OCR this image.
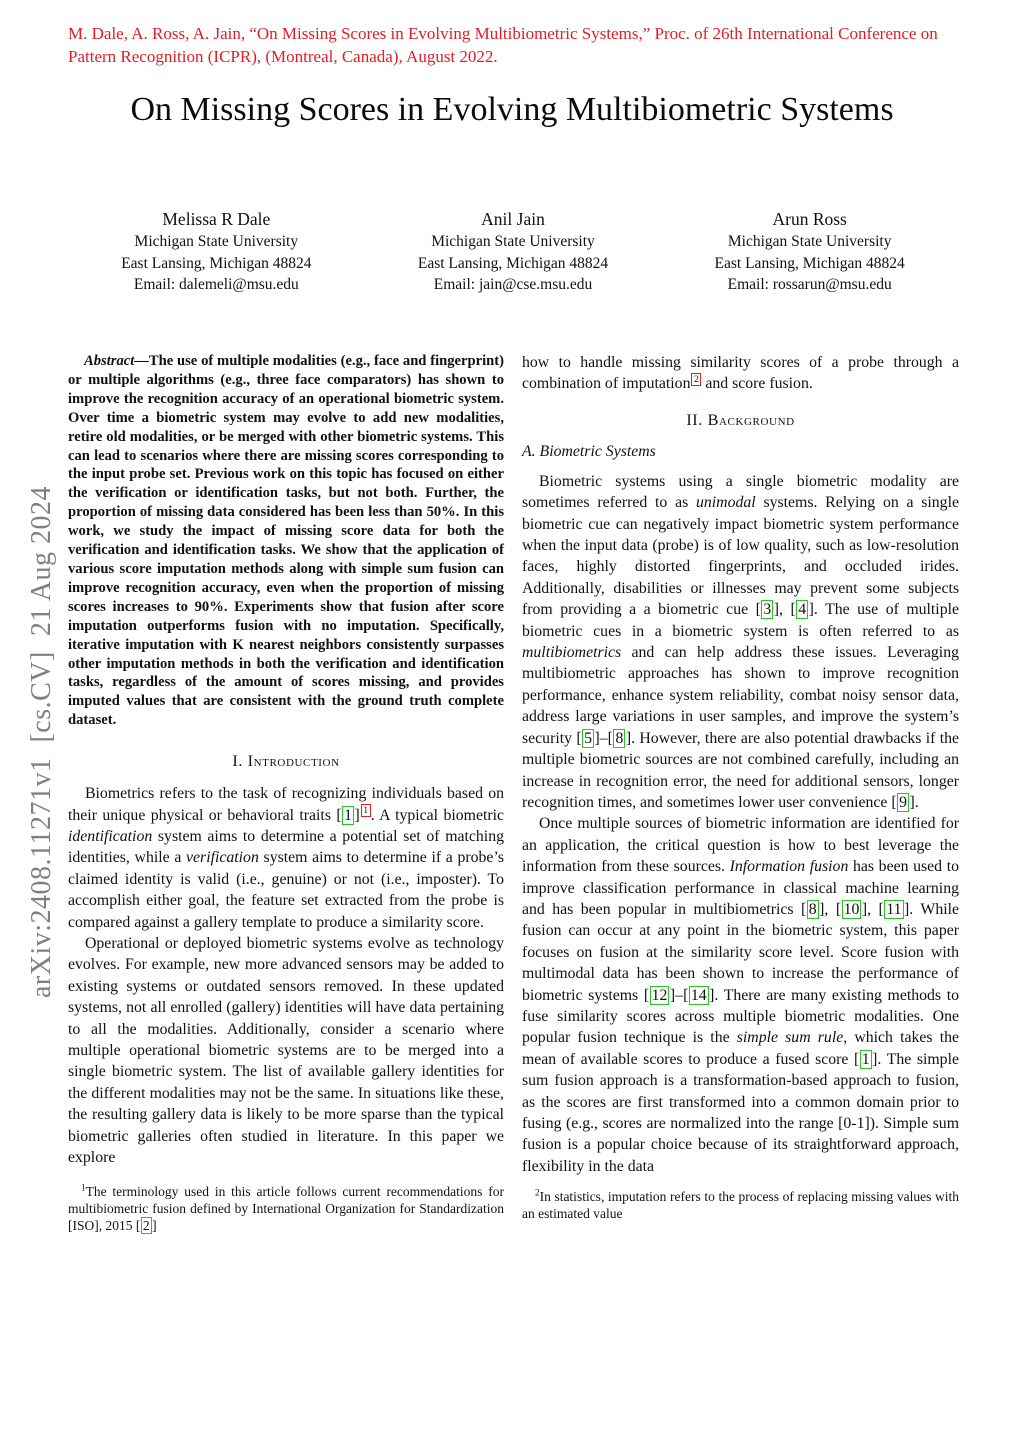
M. Dale, A. Ross, A. Jain, “On Missing Scores in Evolving Multibiometric Systems,” Proc. of 26th International Conference on Pattern Recognition (ICPR), (Montreal, Canada), August 2022.
arXiv:2408.11271v1  [cs.CV]  21 Aug 2024
On Missing Scores in Evolving Multibiometric Systems
Melissa R Dale
Michigan State University
East Lansing, Michigan 48824
Email: dalemeli@msu.edu
Anil Jain
Michigan State University
East Lansing, Michigan 48824
Email: jain@cse.msu.edu
Arun Ross
Michigan State University
East Lansing, Michigan 48824
Email: rossarun@msu.edu

Abstract—The use of multiple modalities (e.g., face and fingerprint) or multiple algorithms (e.g., three face comparators) has shown to improve the recognition accuracy of an operational biometric system. Over time a biometric system may evolve to add new modalities, retire old modalities, or be merged with other biometric systems. This can lead to scenarios where there are missing scores corresponding to the input probe set. Previous work on this topic has focused on either the verification or identification tasks, but not both. Further, the proportion of missing data considered has been less than 50%. In this work, we study the impact of missing score data for both the verification and identification tasks. We show that the application of various score imputation methods along with simple sum fusion can improve recognition accuracy, even when the proportion of missing scores increases to 90%. Experiments show that fusion after score imputation outperforms fusion with no imputation. Specifically, iterative imputation with K nearest neighbors consistently surpasses other imputation methods in both the verification and identification tasks, regardless of the amount of scores missing, and provides imputed values that are consistent with the ground truth complete dataset.

I. Introduction

Biometrics refers to the task of recognizing individuals based on their unique physical or behavioral traits [ 1 ] $^1$ . A typical biometric identification system aims to determine a potential set of matching identities, while a verification system aims to determine if a probe’s claimed identity is valid (i.e., genuine) or not (i.e., imposter). To accomplish either goal, the feature set extracted from the probe is compared against a gallery template to produce a similarity score.

Operational or deployed biometric systems evolve as technology evolves. For example, new more advanced sensors may be added to existing systems or outdated sensors removed. In these updated systems, not all enrolled (gallery) identities will have data pertaining to all the modalities. Additionally, consider a scenario where multiple operational biometric systems are to be merged into a single biometric system. The list of available gallery identities for the different modalities may not be the same. In situations like these, the resulting gallery data is likely to be more sparse than the typical biometric galleries often studied in literature. In this paper we explore

$^1$The terminology used in this article follows current recommendations for multibiometric fusion defined by International Organization for Standardization [ISO], 2015 [ 2 ]

how to handle missing similarity scores of a probe through a combination of imputation $^2$ and score fusion.

II. Background
A. Biometric Systems

Biometric systems using a single biometric modality are sometimes referred to as unimodal systems. Relying on a single biometric cue can negatively impact biometric system performance when the input data (probe) is of low quality, such as low-resolution faces, highly distorted fingerprints, and occluded irides. Additionally, disabilities or illnesses may prevent some subjects from providing a a biometric cue [ 3 ], [ 4 ]. The use of multiple biometric cues in a biometric system is often referred to as multibiometrics and can help address these issues. Leveraging multibiometric approaches has shown to improve recognition performance, enhance system reliability, combat noisy sensor data, address large variations in user samples, and improve the system’s security [ 5 ]–[ 8 ]. However, there are also potential drawbacks if the multiple biometric sources are not combined carefully, including an increase in recognition error, the need for additional sensors, longer recognition times, and sometimes lower user convenience [ 9 ].

Once multiple sources of biometric information are identified for an application, the critical question is how to best leverage the information from these sources. Information fusion has been used to improve classification performance in classical machine learning and has been popular in multibiometrics [ 8 ], [ 10 ], [ 11 ]. While fusion can occur at any point in the biometric system, this paper focuses on fusion at the similarity score level. Score fusion with multimodal data has been shown to increase the performance of biometric systems [ 12 ]–[ 14 ]. There are many existing methods to fuse similarity scores across multiple biometric modalities. One popular fusion technique is the simple sum rule, which takes the mean of available scores to produce a fused score [ 1 ]. The simple sum fusion approach is a transformation-based approach to fusion, as the scores are first transformed into a common domain prior to fusing (e.g., scores are normalized into the range [0-1]). Simple sum fusion is a popular choice because of its straightforward approach, flexibility in the data

$^2$In statistics, imputation refers to the process of replacing missing values with an estimated value
